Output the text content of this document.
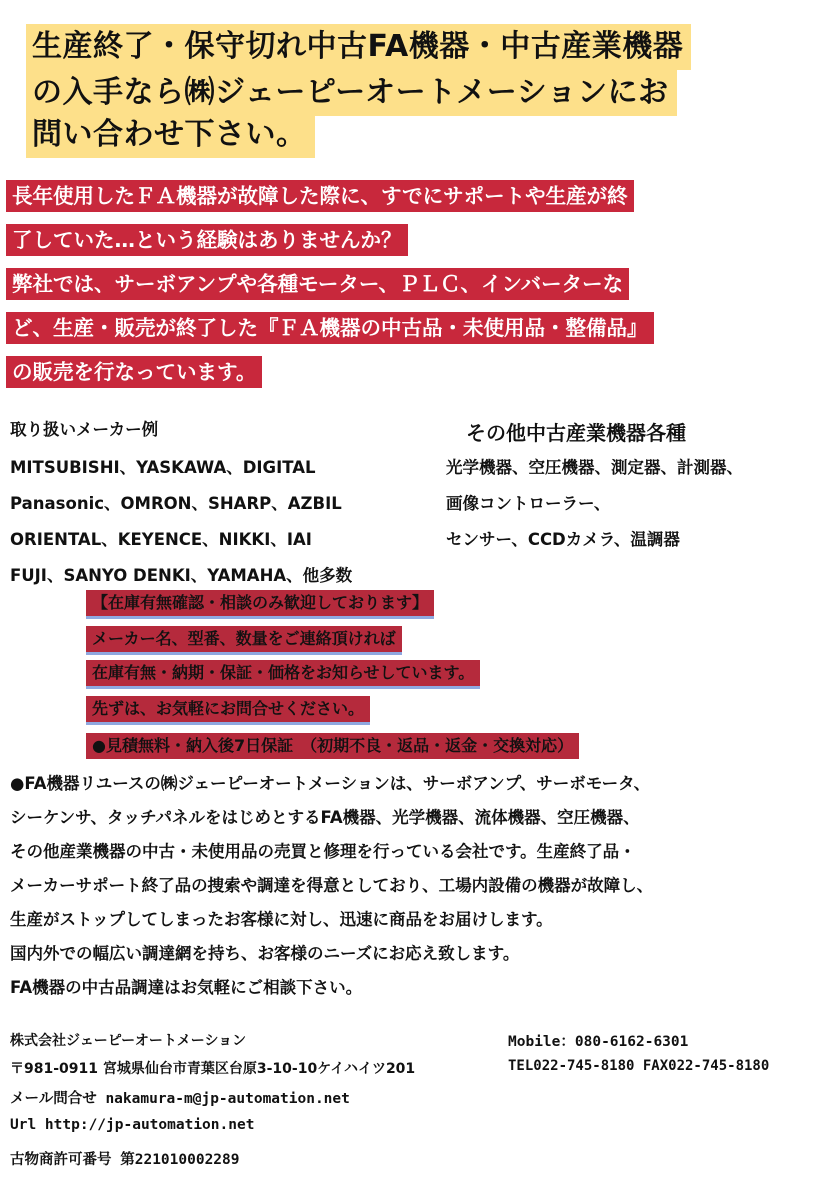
生産終了・保守切れ中古FA機器・中古産業機器
の入手なら㈱ジェーピーオートメーションにお
問い合わせ下さい。
長年使用したＦＡ機器が故障した際に、すでにサポートや生産が終
了していた…という経験はありませんか？
弊社では、サーボアンプや各種モーター、ＰＬＣ、インバーターな
ど、生産・販売が終了した『ＦＡ機器の中古品・未使用品・整備品』
の販売を行なっています。
取り扱いメーカー例
MITSUBISHI、YASKAWA、DIGITAL
Panasonic、OMRON、SHARP、AZBIL
ORIENTAL、KEYENCE、NIKKI、IAI
FUJI、SANYO DENKI、YAMAHA、他多数
その他中古産業機器各種
光学機器、空圧機器、測定器、計測器、
画像コントローラー、
センサー、CCDカメラ、温調器
【在庫有無確認・相談のみ歓迎しております】
メーカー名、型番、数量をご連絡頂ければ
在庫有無・納期・保証・価格をお知らせしています。
先ずは、お気軽にお問合せください。
●見積無料・納入後7日保証　（初期不良・返品・返金・交換対応）
●FA機器リユースの㈱ジェーピーオートメーションは、サーボアンプ、サーボモータ、
シーケンサ、タッチパネルをはじめとするFA機器、光学機器、流体機器、空圧機器、
その他産業機器の中古・未使用品の売買と修理を行っている会社です。生産終了品・
メーカーサポート終了品の捜索や調達を得意としており、工場内設備の機器が故障し、
生産がストップしてしまったお客様に対し、迅速に商品をお届けします。
国内外での幅広い調達網を持ち、お客様のニーズにお応え致します。
FA機器の中古品調達はお気軽にご相談下さい。
株式会社ジェーピーオートメーション
〒981-0911 宮城県仙台市青葉区台原3-10-10ケイハイツ201
メール問合せ nakamura-m@jp-automation.net
Url http://jp-automation.net
古物商許可番号 第221010002289
Mobile：080-6162-6301
TEL022-745-8180 FAX022-745-8180
